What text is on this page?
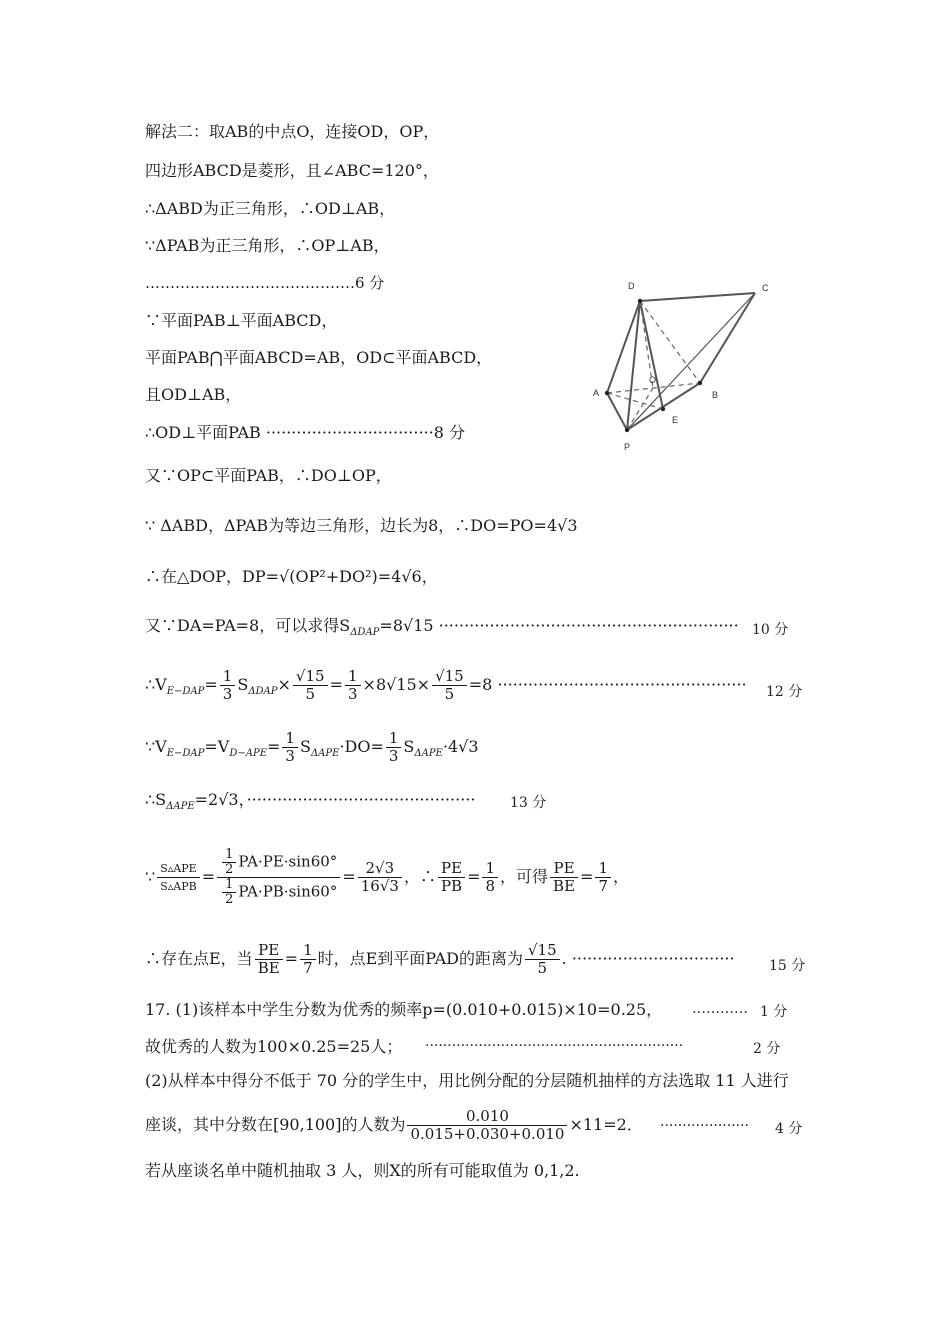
解法二：取AB的中点O，连接OD，OP，
四边形ABCD是菱形，且∠ABC=120°，
∴ΔABD为正三角形，∴OD⊥AB，
∵ΔPAB为正三角形，∴OP⊥AB，
……………………………………6 分
∵平面PAB⊥平面ABCD，
平面PAB⋂平面ABCD=AB，OD⊂平面ABCD，
且OD⊥AB，
∴OD⊥平面PAB ·································8 分
又∵OP⊂平面PAB，∴DO⊥OP，
∵ ΔABD，ΔPAB为等边三角形，边长为8，∴DO=PO=4√3
∴在△DOP，DP=√(OP²+DO²)=4√6，
又∵DA=PA=8，可以求得$S_{\Delta DAP}=8√15$ ··························································· 10 分
$\therefore V_{E-DAP}= \frac{1}{3} S_{\Delta DAP}\times \frac{√15}{5} = \frac{1}{3} \times 8√15\times \frac{√15}{5} =8$ ················································· 12 分
$\because V_{E-DAP}=V_{D-APE}= \frac{1}{3} S_{\Delta APE}\cdot DO= \frac{1}{3} S_{\Delta APE}\cdot 4√3$
$\therefore S_{\Delta APE}=2√3$，············································· 13 分
∵ $\frac{\text{S▵APE}}{\text{S▵APB}} = \frac{\frac{1}{2} PA\cdot PE\cdot\sin 60^\circ}{\frac{1}{2} PA\cdot PB\cdot\sin 60^\circ} = \frac{2√3}{16√3}$ ，∴ $\frac{PE}{PB} = \frac{1}{8}$ ，可得 $\frac{PE}{BE} = \frac{1}{7}$ ，
∴存在点E，当 $\frac{PE}{BE} = \frac{1}{7}$ 时，点E到平面PAD的距离为 $\frac{√15}{5}$ . ································ 15 分
17. (1)该样本中学生分数为优秀的频率p=(0.010+0.015)×10=0.25， ………… 1 分
故优秀的人数为100×0.25=25人； ··························································	2 分
(2)从样本中得分不低于 70 分的学生中，用比例分配的分层随机抽样的方法选取 11 人进行
座谈，其中分数在[90,100]的人数为 $\frac{0.010}{0.015+0.030+0.010} \times 11=2$． ···················· 4 分
若从座谈名单中随机抽取 3 人，则X的所有可能取值为 0,1,2.
D	C
A	B
O
E
P
